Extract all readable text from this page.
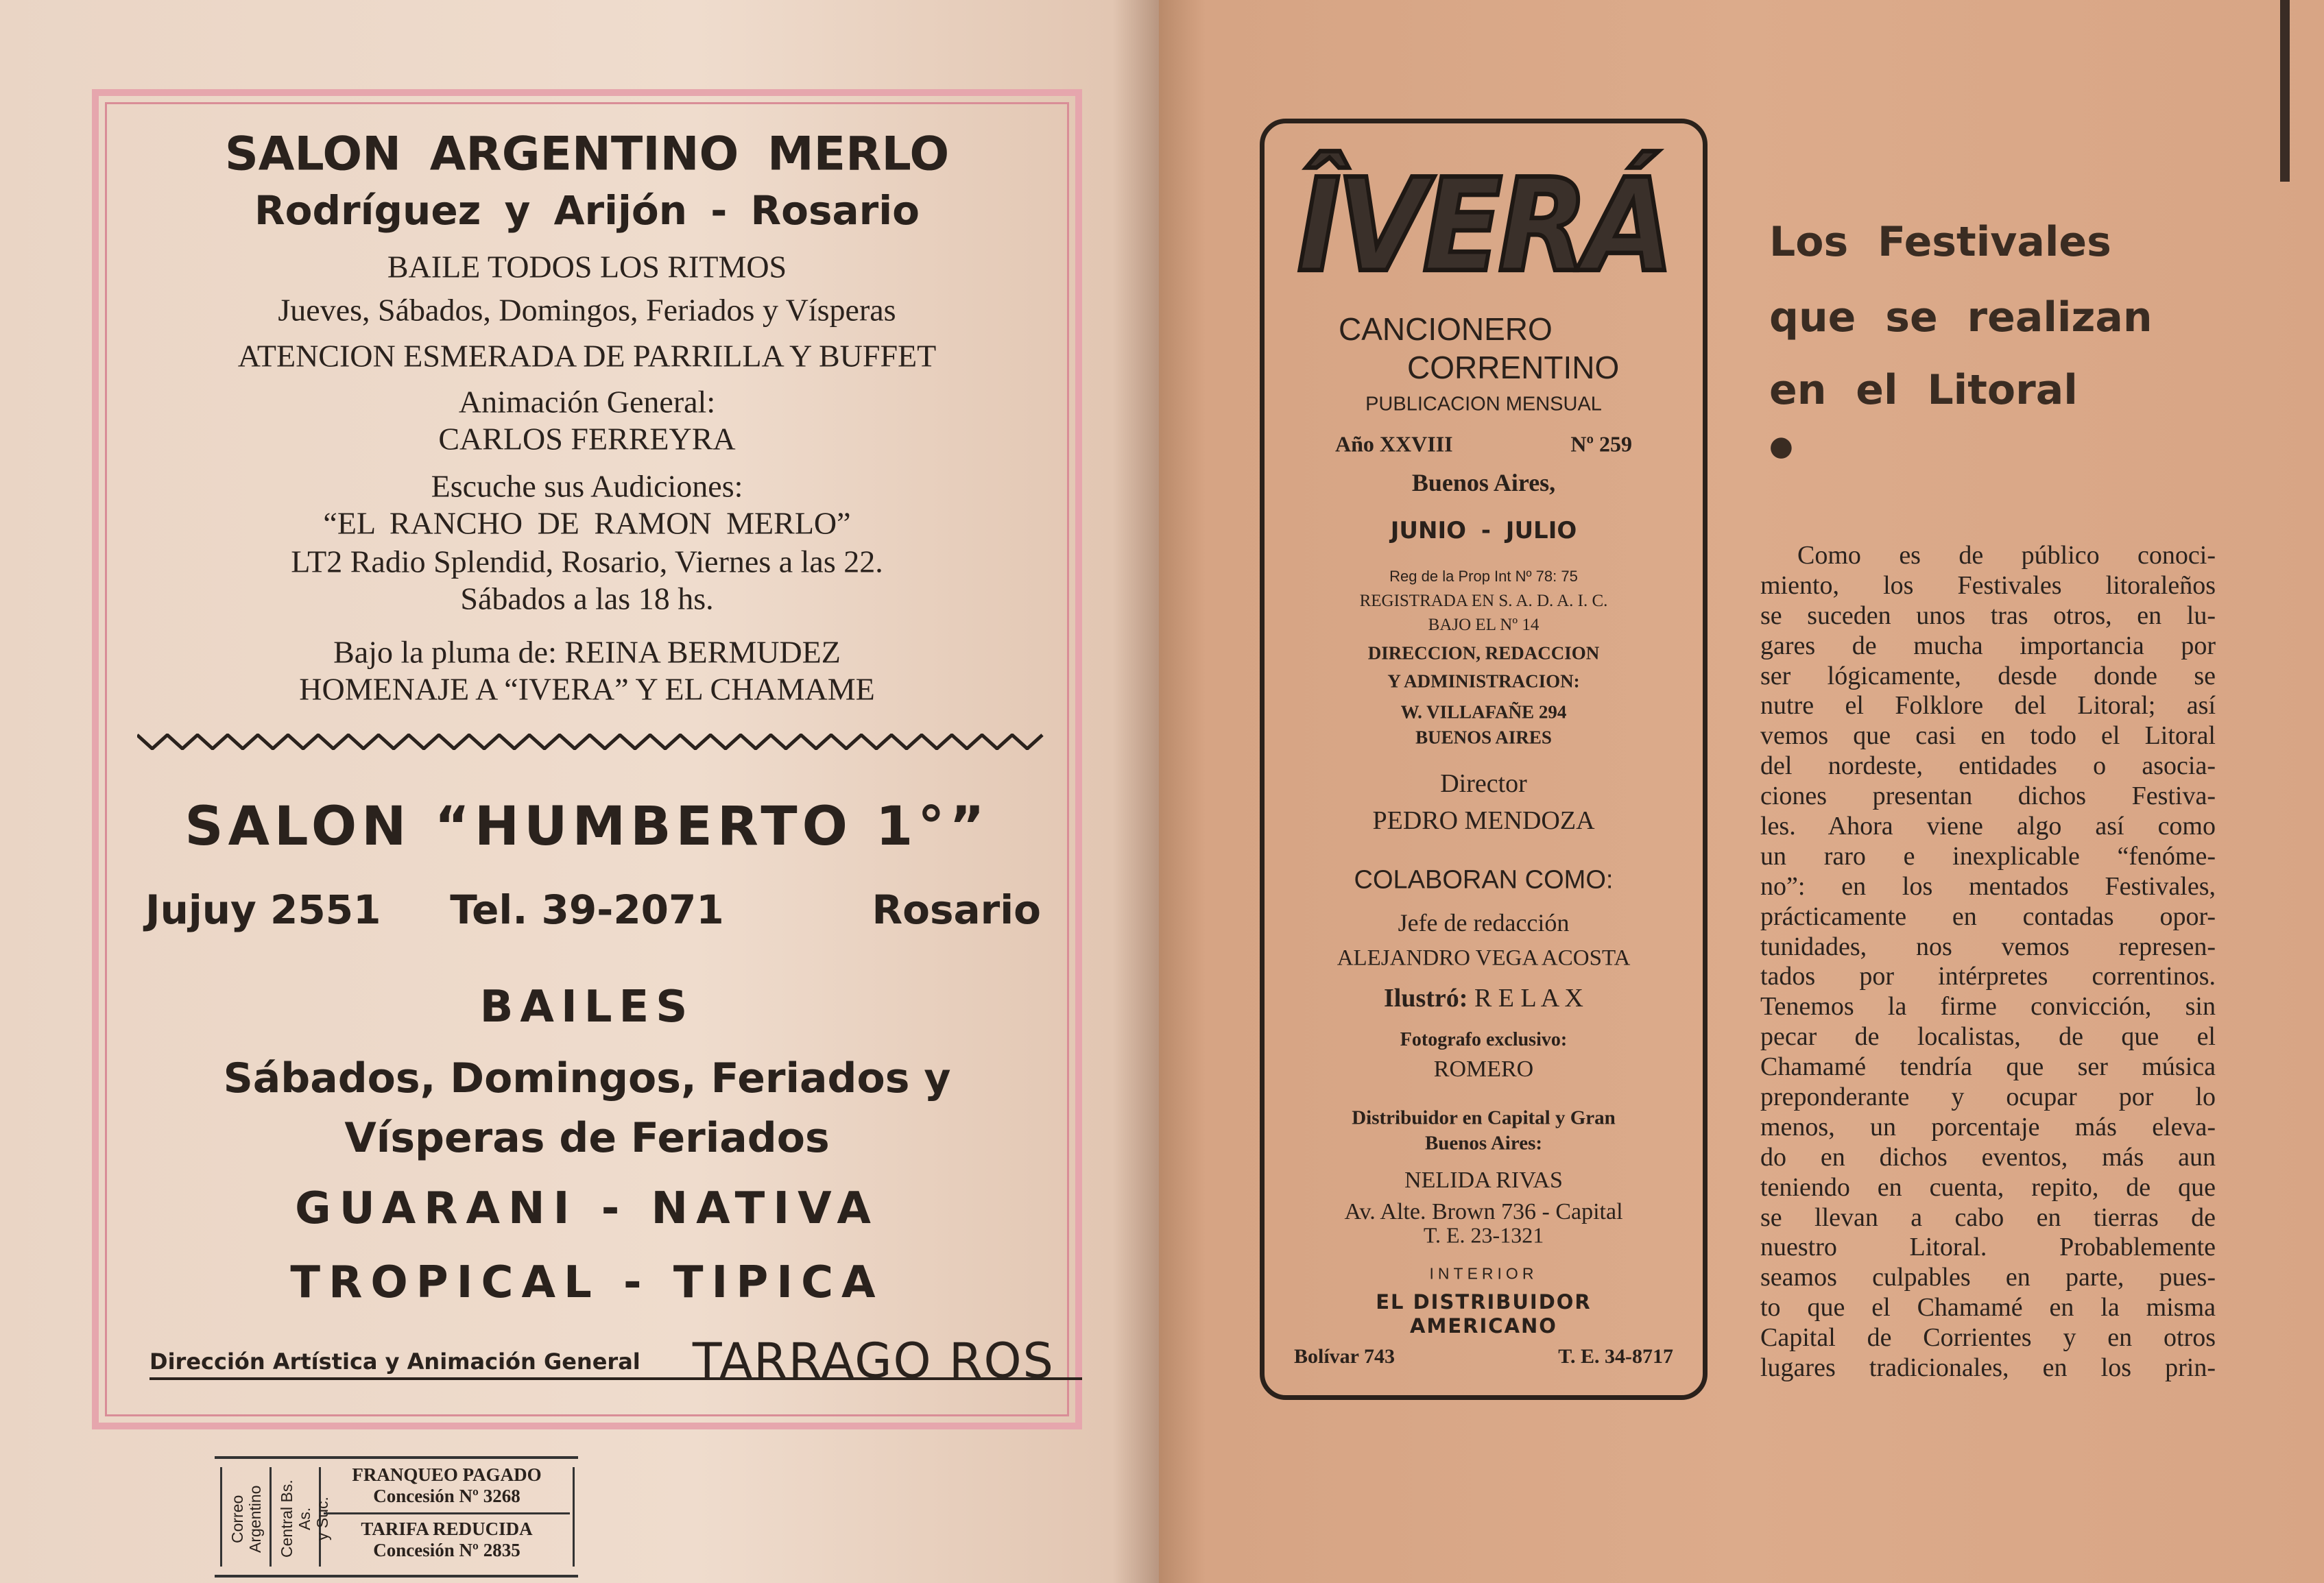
SALON ARGENTINO MERLO
Rodríguez y Arijón - Rosario
BAILE TODOS LOS RITMOS
Jueves, Sábados, Domingos, Feriados y Vísperas
ATENCION ESMERADA DE PARRILLA Y BUFFET
Animación General:
CARLOS FERREYRA
Escuche sus Audiciones:
“EL RANCHO DE RAMON MERLO”
LT2 Radio Splendid, Rosario, Viernes a las 22.
Sábados a las 18 hs.
Bajo la pluma de: REINA BERMUDEZ
HOMENAJE A “IVERA” Y EL CHAMAME
SALON “HUMBERTO 1°”
Jujuy 2551	Tel. 39-2071	Rosario
BAILES
Sábados, Domingos, Feriados y
Vísperas de Feriados
GUARANI - NATIVA
TROPICAL - TIPICA
Dirección Artística y Animación General	TARRAGO ROS
Correo
Argentino Central Bs. As.
y Suc.
FRANQUEO PAGADO
Concesión Nº 3268
TARIFA REDUCIDA
Concesión Nº 2835
ÎVERÁ
CANCIONERO
CORRENTINO
PUBLICACION MENSUAL
Año XXVIII	Nº 259
Buenos Aires,
JUNIO - JULIO
Reg de la Prop Int Nº 78: 75
REGISTRADA EN S. A. D. A. I. C.
BAJO EL Nº 14
DIRECCION, REDACCION
Y ADMINISTRACION:
W. VILLAFAÑE 294
BUENOS AIRES
Director
PEDRO MENDOZA
COLABORAN COMO:
Jefe de redacción
ALEJANDRO VEGA ACOSTA
Ilustró: R E L A X
Fotografo exclusivo:
ROMERO
Distribuidor en Capital y Gran
Buenos Aires:
NELIDA RIVAS
Av. Alte. Brown 736 - Capital
T. E. 23-1321
INTERIOR
EL DISTRIBUIDOR
AMERICANO
Bolívar 743	T. E. 34-8717
Los Festivales
que se realizan
en el Litoral
●
Como es de público conoci-
miento, los Festivales litoraleños
se suceden unos tras otros, en lu-
gares de mucha importancia por
ser lógicamente, desde donde se
nutre el Folklore del Litoral; así
vemos que casi en todo el Litoral
del nordeste, entidades o asocia-
ciones presentan dichos Festiva-
les. Ahora viene algo así como
un raro e inexplicable “fenóme-
no”: en los mentados Festivales,
prácticamente en contadas opor-
tunidades, nos vemos represen-
tados por intérpretes correntinos.
Tenemos la firme convicción, sin
pecar de localistas, de que el
Chamamé tendría que ser música
preponderante y ocupar por lo
menos, un porcentaje más eleva-
do en dichos eventos, más aun
teniendo en cuenta, repito, de que
se llevan a cabo en tierras de
nuestro Litoral. Probablemente
seamos culpables en parte, pues-
to que el Chamamé en la misma
Capital de Corrientes y en otros
lugares tradicionales, en los prin-
